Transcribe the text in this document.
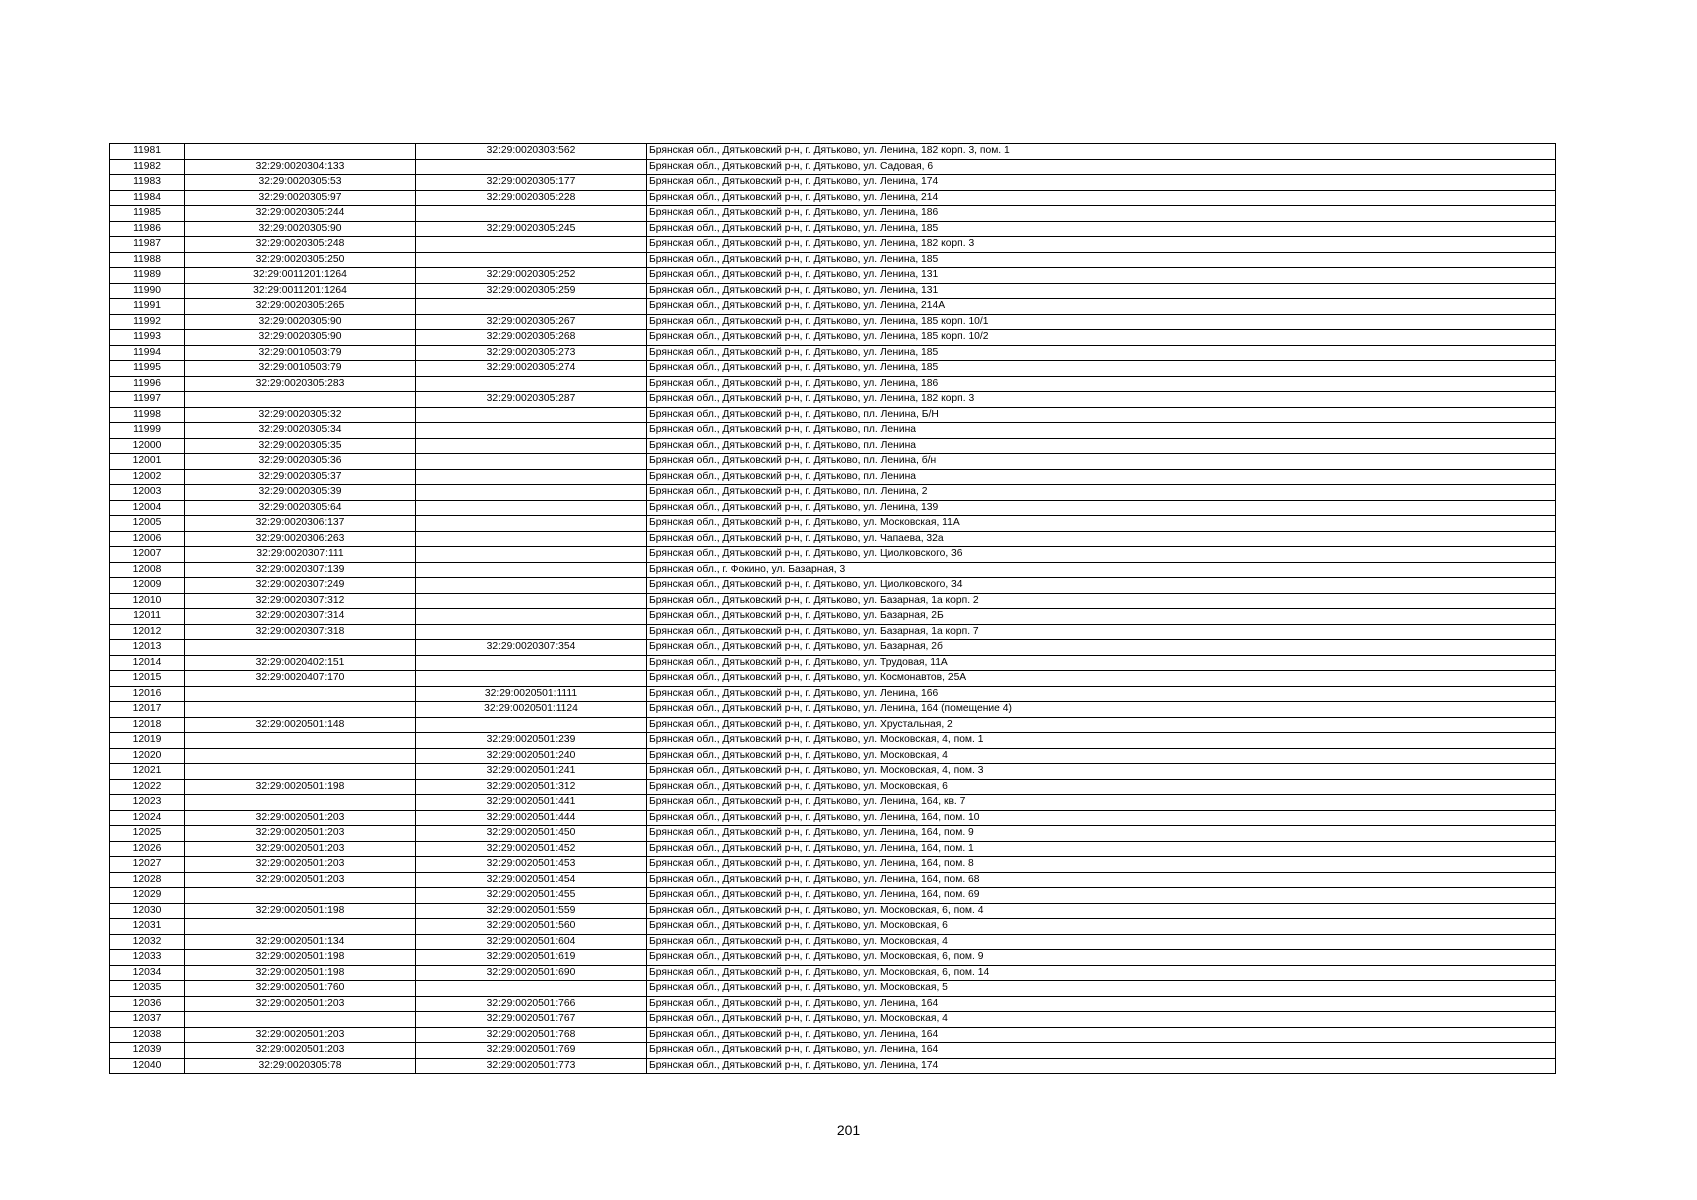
11981		32:29:0020303:562	Брянская обл., Дятьковский р-н, г. Дятьково, ул. Ленина, 182 корп. 3, пом. 1
11982	32:29:0020304:133		Брянская обл., Дятьковский р-н, г. Дятьково, ул. Садовая, 6
11983	32:29:0020305:53	32:29:0020305:177	Брянская обл., Дятьковский р-н, г. Дятьково, ул. Ленина, 174
11984	32:29:0020305:97	32:29:0020305:228	Брянская обл., Дятьковский р-н, г. Дятьково, ул. Ленина, 214
11985	32:29:0020305:244		Брянская обл., Дятьковский р-н, г. Дятьково, ул. Ленина, 186
11986	32:29:0020305:90	32:29:0020305:245	Брянская обл., Дятьковский р-н, г. Дятьково, ул. Ленина, 185
11987	32:29:0020305:248		Брянская обл., Дятьковский р-н, г. Дятьково, ул. Ленина, 182 корп. 3
11988	32:29:0020305:250		Брянская обл., Дятьковский р-н, г. Дятьково, ул. Ленина, 185
11989	32:29:0011201:1264	32:29:0020305:252	Брянская обл., Дятьковский р-н, г. Дятьково, ул. Ленина, 131
11990	32:29:0011201:1264	32:29:0020305:259	Брянская обл., Дятьковский р-н, г. Дятьково, ул. Ленина, 131
11991	32:29:0020305:265		Брянская обл., Дятьковский р-н, г. Дятьково, ул. Ленина, 214А
11992	32:29:0020305:90	32:29:0020305:267	Брянская обл., Дятьковский р-н, г. Дятьково, ул. Ленина, 185 корп. 10/1
11993	32:29:0020305:90	32:29:0020305:268	Брянская обл., Дятьковский р-н, г. Дятьково, ул. Ленина, 185 корп. 10/2
11994	32:29:0010503:79	32:29:0020305:273	Брянская обл., Дятьковский р-н, г. Дятьково, ул. Ленина, 185
11995	32:29:0010503:79	32:29:0020305:274	Брянская обл., Дятьковский р-н, г. Дятьково, ул. Ленина, 185
11996	32:29:0020305:283		Брянская обл., Дятьковский р-н, г. Дятьково, ул. Ленина, 186
11997		32:29:0020305:287	Брянская обл., Дятьковский р-н, г. Дятьково, ул. Ленина, 182 корп. 3
11998	32:29:0020305:32		Брянская обл., Дятьковский р-н, г. Дятьково, пл. Ленина, Б/Н
11999	32:29:0020305:34		Брянская обл., Дятьковский р-н, г. Дятьково, пл. Ленина
12000	32:29:0020305:35		Брянская обл., Дятьковский р-н, г. Дятьково, пл. Ленина
12001	32:29:0020305:36		Брянская обл., Дятьковский р-н, г. Дятьково, пл. Ленина, б/н
12002	32:29:0020305:37		Брянская обл., Дятьковский р-н, г. Дятьково, пл. Ленина
12003	32:29:0020305:39		Брянская обл., Дятьковский р-н, г. Дятьково, пл. Ленина, 2
12004	32:29:0020305:64		Брянская обл., Дятьковский р-н, г. Дятьково, ул. Ленина, 139
12005	32:29:0020306:137		Брянская обл., Дятьковский р-н, г. Дятьково, ул. Московская, 11А
12006	32:29:0020306:263		Брянская обл., Дятьковский р-н, г. Дятьково, ул. Чапаева, 32а
12007	32:29:0020307:111		Брянская обл., Дятьковский р-н, г. Дятьково, ул. Циолковского, 36
12008	32:29:0020307:139		Брянская обл., г. Фокино, ул. Базарная, 3
12009	32:29:0020307:249		Брянская обл., Дятьковский р-н, г. Дятьково, ул. Циолковского, 34
12010	32:29:0020307:312		Брянская обл., Дятьковский р-н, г. Дятьково, ул. Базарная, 1а корп. 2
12011	32:29:0020307:314		Брянская обл., Дятьковский р-н, г. Дятьково, ул. Базарная, 2Б
12012	32:29:0020307:318		Брянская обл., Дятьковский р-н, г. Дятьково, ул. Базарная, 1а корп. 7
12013		32:29:0020307:354	Брянская обл., Дятьковский р-н, г. Дятьково, ул. Базарная, 2б
12014	32:29:0020402:151		Брянская обл., Дятьковский р-н, г. Дятьково, ул. Трудовая, 11А
12015	32:29:0020407:170		Брянская обл., Дятьковский р-н, г. Дятьково, ул. Космонавтов, 25А
12016		32:29:0020501:1111	Брянская обл., Дятьковский р-н, г. Дятьково, ул. Ленина, 166
12017		32:29:0020501:1124	Брянская обл., Дятьковский р-н, г. Дятьково, ул. Ленина, 164 (помещение 4)
12018	32:29:0020501:148		Брянская обл., Дятьковский р-н, г. Дятьково, ул. Хрустальная, 2
12019		32:29:0020501:239	Брянская обл., Дятьковский р-н, г. Дятьково, ул. Московская, 4, пом. 1
12020		32:29:0020501:240	Брянская обл., Дятьковский р-н, г. Дятьково, ул. Московская, 4
12021		32:29:0020501:241	Брянская обл., Дятьковский р-н, г. Дятьково, ул. Московская, 4, пом. 3
12022	32:29:0020501:198	32:29:0020501:312	Брянская обл., Дятьковский р-н, г. Дятьково, ул. Московская, 6
12023		32:29:0020501:441	Брянская обл., Дятьковский р-н, г. Дятьково, ул. Ленина, 164, кв. 7
12024	32:29:0020501:203	32:29:0020501:444	Брянская обл., Дятьковский р-н, г. Дятьково, ул. Ленина, 164, пом. 10
12025	32:29:0020501:203	32:29:0020501:450	Брянская обл., Дятьковский р-н, г. Дятьково, ул. Ленина, 164, пом. 9
12026	32:29:0020501:203	32:29:0020501:452	Брянская обл., Дятьковский р-н, г. Дятьково, ул. Ленина, 164, пом. 1
12027	32:29:0020501:203	32:29:0020501:453	Брянская обл., Дятьковский р-н, г. Дятьково, ул. Ленина, 164, пом. 8
12028	32:29:0020501:203	32:29:0020501:454	Брянская обл., Дятьковский р-н, г. Дятьково, ул. Ленина, 164, пом. 68
12029		32:29:0020501:455	Брянская обл., Дятьковский р-н, г. Дятьково, ул. Ленина, 164, пом. 69
12030	32:29:0020501:198	32:29:0020501:559	Брянская обл., Дятьковский р-н, г. Дятьково, ул. Московская, 6, пом. 4
12031		32:29:0020501:560	Брянская обл., Дятьковский р-н, г. Дятьково, ул. Московская, 6
12032	32:29:0020501:134	32:29:0020501:604	Брянская обл., Дятьковский р-н, г. Дятьково, ул. Московская, 4
12033	32:29:0020501:198	32:29:0020501:619	Брянская обл., Дятьковский р-н, г. Дятьково, ул. Московская, 6, пом. 9
12034	32:29:0020501:198	32:29:0020501:690	Брянская обл., Дятьковский р-н, г. Дятьково, ул. Московская, 6, пом. 14
12035	32:29:0020501:760		Брянская обл., Дятьковский р-н, г. Дятьково, ул. Московская, 5
12036	32:29:0020501:203	32:29:0020501:766	Брянская обл., Дятьковский р-н, г. Дятьково, ул. Ленина, 164
12037		32:29:0020501:767	Брянская обл., Дятьковский р-н, г. Дятьково, ул. Московская, 4
12038	32:29:0020501:203	32:29:0020501:768	Брянская обл., Дятьковский р-н, г. Дятьково, ул. Ленина, 164
12039	32:29:0020501:203	32:29:0020501:769	Брянская обл., Дятьковский р-н, г. Дятьково, ул. Ленина, 164
12040	32:29:0020305:78	32:29:0020501:773	Брянская обл., Дятьковский р-н, г. Дятьково, ул. Ленина, 174
201
